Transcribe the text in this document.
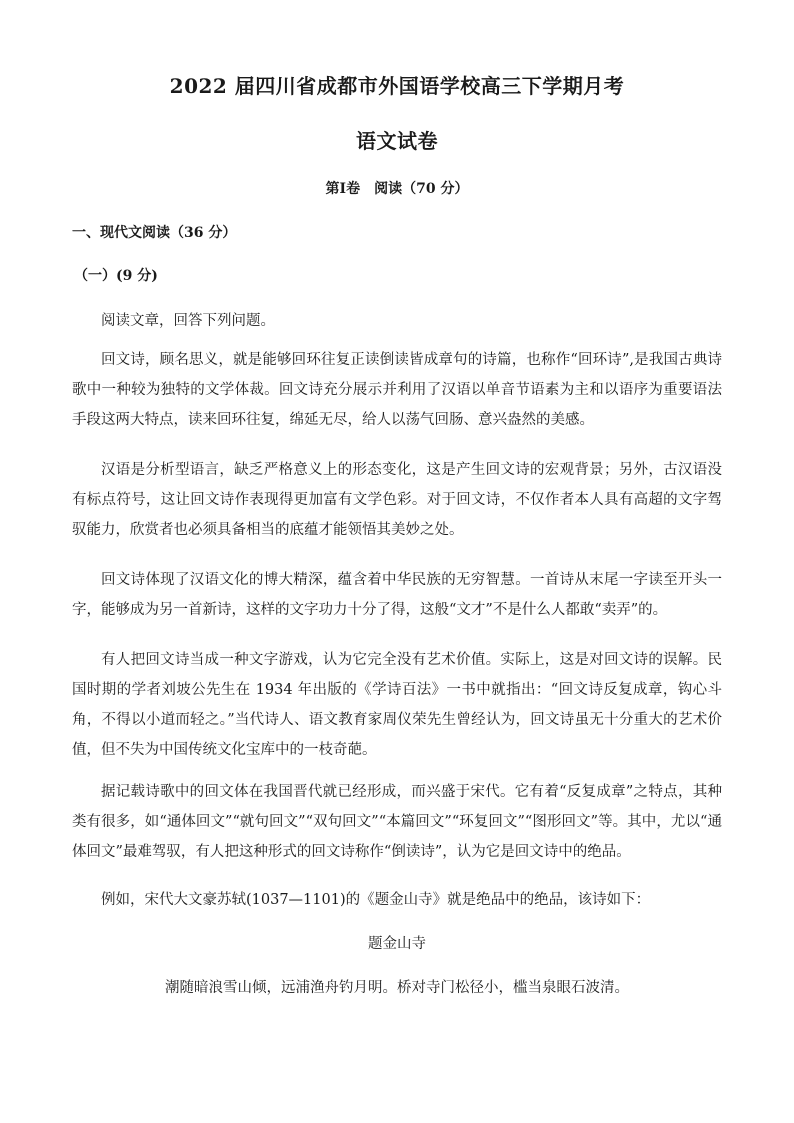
2022 届四川省成都市外国语学校高三下学期月考
语文试卷
第Ⅰ卷　阅读（70 分）
一、现代文阅读（36 分）
（一）(9 分)
阅读文章，回答下列问题。
回文诗，顾名思义，就是能够回环往复正读倒读皆成章句的诗篇，也称作“回环诗”,是我国古典诗歌中一种较为独特的文学体裁。回文诗充分展示并利用了汉语以单音节语素为主和以语序为重要语法手段这两大特点，读来回环往复，绵延无尽，给人以荡气回肠、意兴盎然的美感。
汉语是分析型语言，缺乏严格意义上的形态变化，这是产生回文诗的宏观背景；另外，古汉语没有标点符号，这让回文诗作表现得更加富有文学色彩。对于回文诗，不仅作者本人具有高超的文字驾驭能力，欣赏者也必须具备相当的底蕴才能领悟其美妙之处。
回文诗体现了汉语文化的博大精深，蕴含着中华民族的无穷智慧。一首诗从末尾一字读至开头一字，能够成为另一首新诗，这样的文字功力十分了得，这般“文才”不是什么人都敢“卖弄”的。
有人把回文诗当成一种文字游戏，认为它完全没有艺术价值。实际上，这是对回文诗的误解。民国时期的学者刘坡公先生在 1934 年出版的《学诗百法》一书中就指出：“回文诗反复成章，钩心斗角，不得以小道而轻之。”当代诗人、语文教育家周仪荣先生曾经认为，回文诗虽无十分重大的艺术价值，但不失为中国传统文化宝库中的一枝奇葩。
据记载诗歌中的回文体在我国晋代就已经形成，而兴盛于宋代。它有着“反复成章”之特点，其种类有很多，如“通体回文”“就句回文”“双句回文”“本篇回文”“环复回文”“图形回文”等。其中，尤以“通体回文”最难驾驭，有人把这种形式的回文诗称作“倒读诗”，认为它是回文诗中的绝品。
例如，宋代大文豪苏轼(1037—1101)的《题金山寺》就是绝品中的绝品，该诗如下：
题金山寺
潮随暗浪雪山倾，远浦渔舟钓月明。桥对寺门松径小，槛当泉眼石波清。
